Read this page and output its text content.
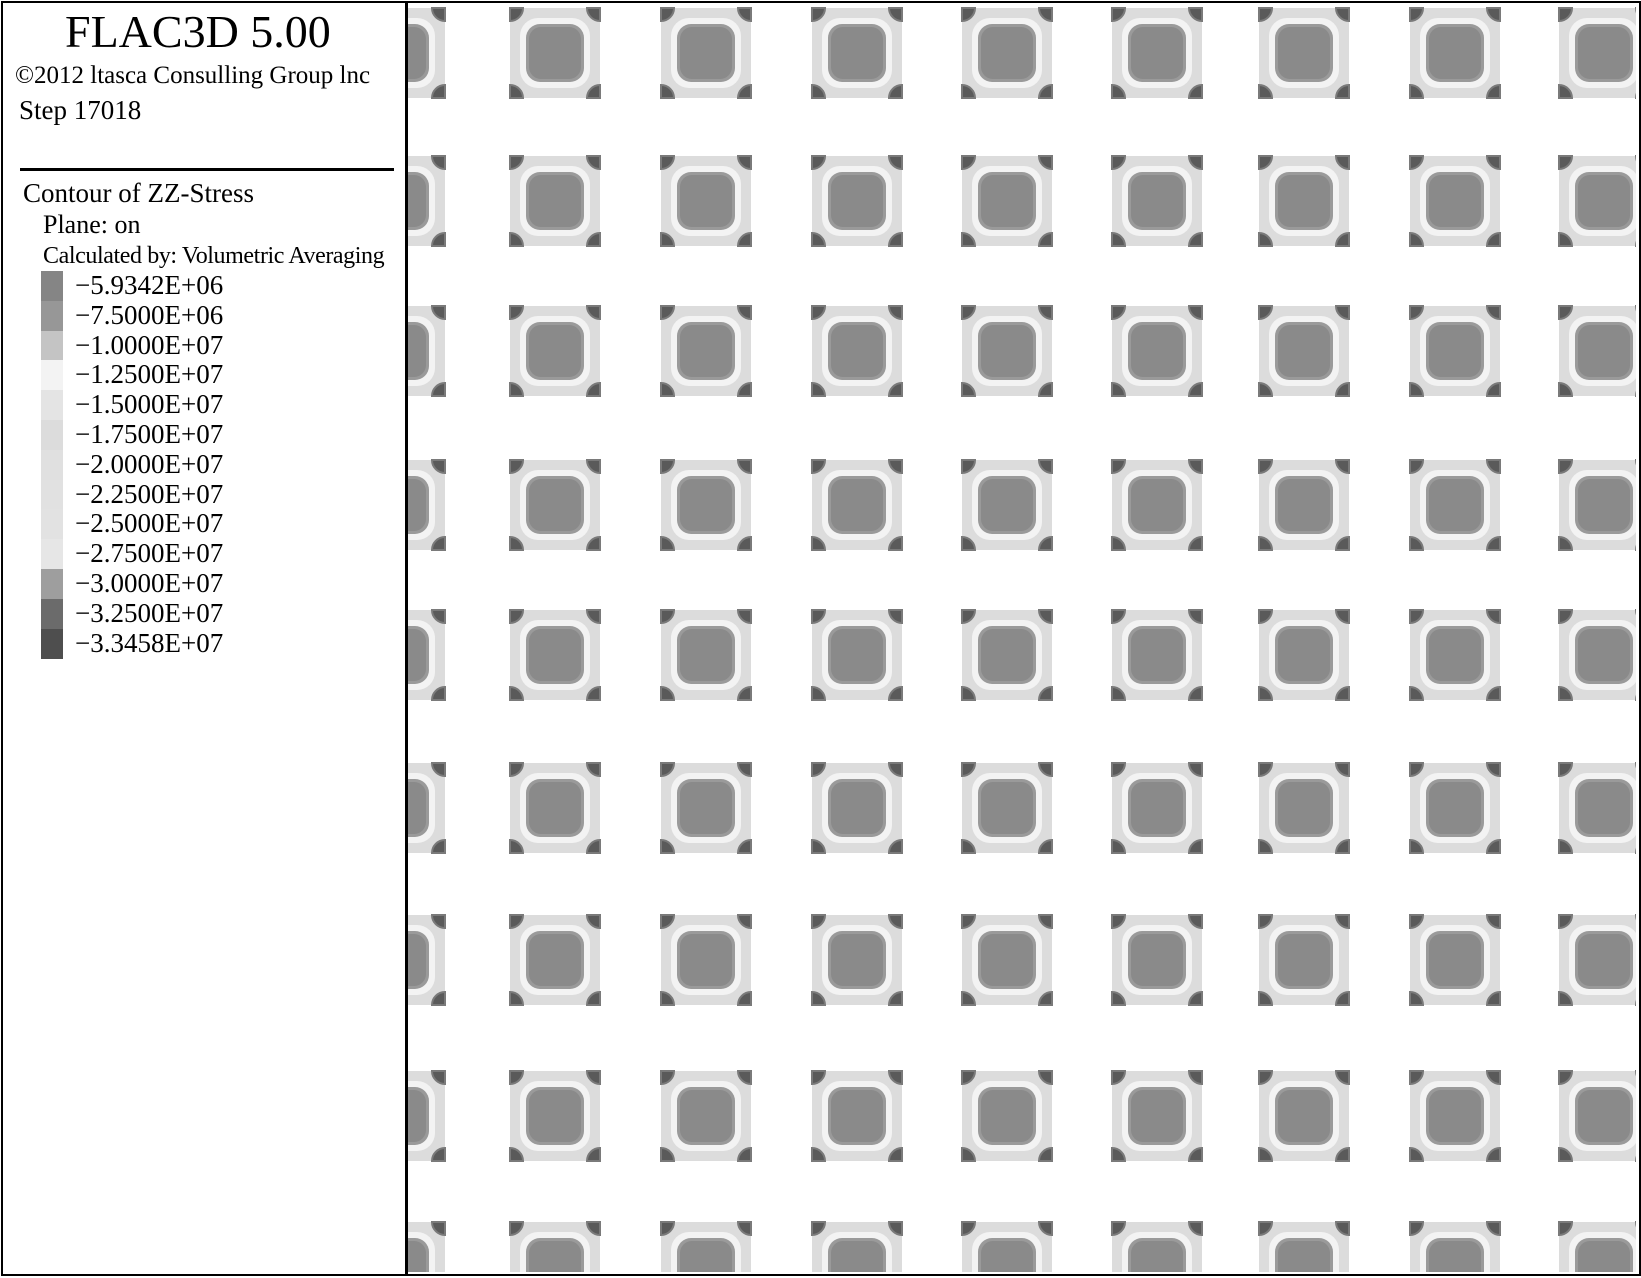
FLAC3D 5.00
©2012 ltasca Consulling Group lnc
Step 17018
Contour of ZZ-Stress
Plane: on
Calculated by: Volumetric Averaging
−5.9342E+06
−7.5000E+06
−1.0000E+07
−1.2500E+07
−1.5000E+07
−1.7500E+07
−2.0000E+07
−2.2500E+07
−2.5000E+07
−2.7500E+07
−3.0000E+07
−3.2500E+07
−3.3458E+07
